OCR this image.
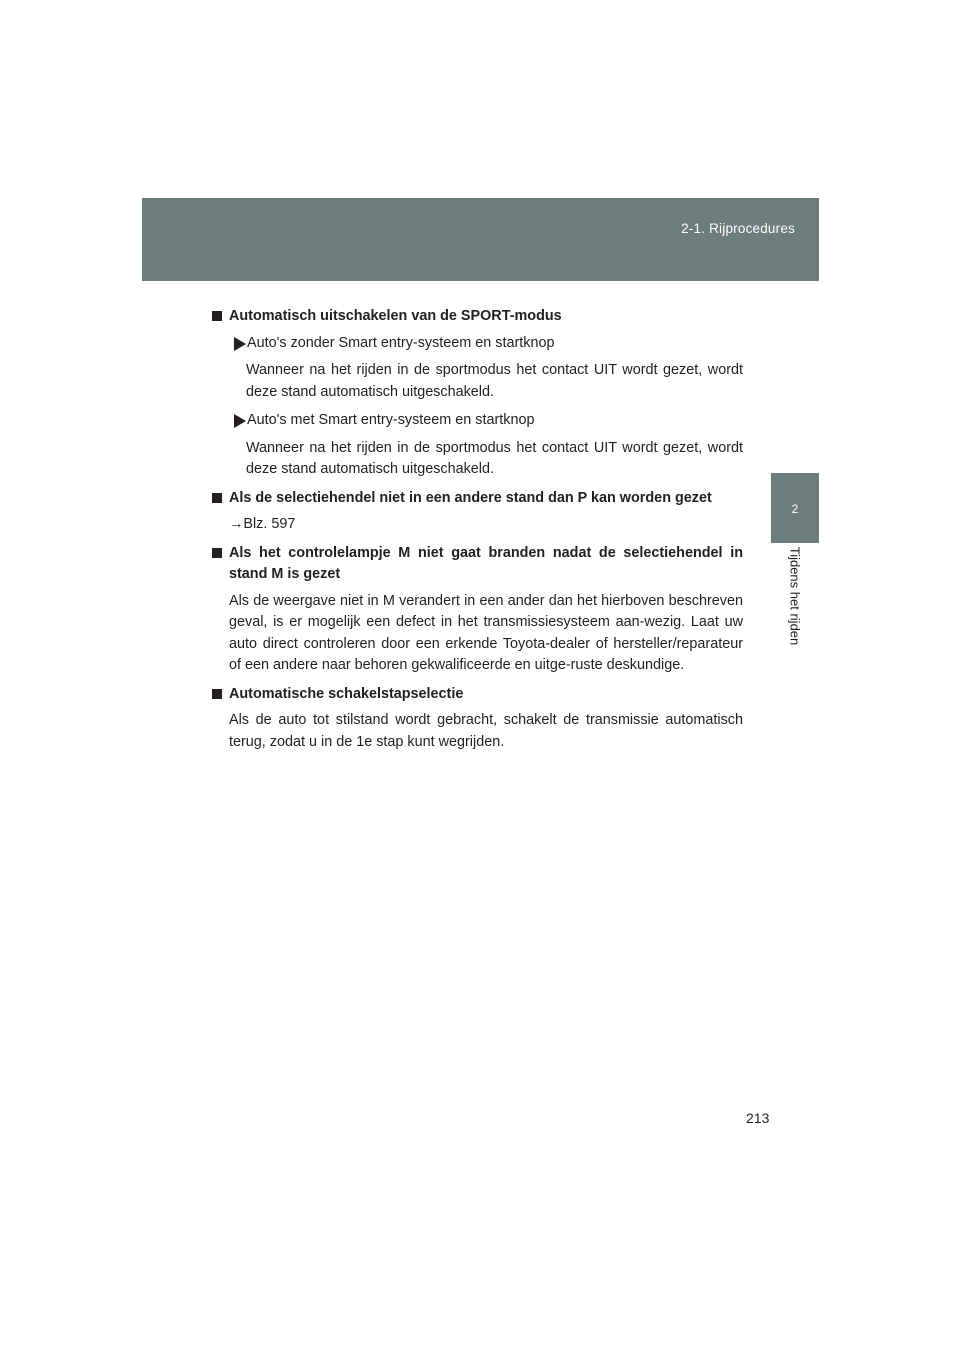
2-1. Rijprocedures
2
Tijdens het rijden
Automatisch uitschakelen van de SPORT-modus
Auto's zonder Smart entry-systeem en startknop
Wanneer na het rijden in de sportmodus het contact UIT wordt gezet, wordt deze stand automatisch uitgeschakeld.
Auto's met Smart entry-systeem en startknop
Wanneer na het rijden in de sportmodus het contact UIT wordt gezet, wordt deze stand automatisch uitgeschakeld.
Als de selectiehendel niet in een andere stand dan P kan worden gezet
→Blz. 597
Als het controlelampje M niet gaat branden nadat de selectiehendel in stand M is gezet
Als de weergave niet in M verandert in een ander dan het hierboven beschreven geval, is er mogelijk een defect in het transmissiesysteem aan-wezig. Laat uw auto direct controleren door een erkende Toyota-dealer of hersteller/reparateur of een andere naar behoren gekwalificeerde en uitge-ruste deskundige.
Automatische schakelstapselectie
Als de auto tot stilstand wordt gebracht, schakelt de transmissie automatisch terug, zodat u in de 1e stap kunt wegrijden.
213
